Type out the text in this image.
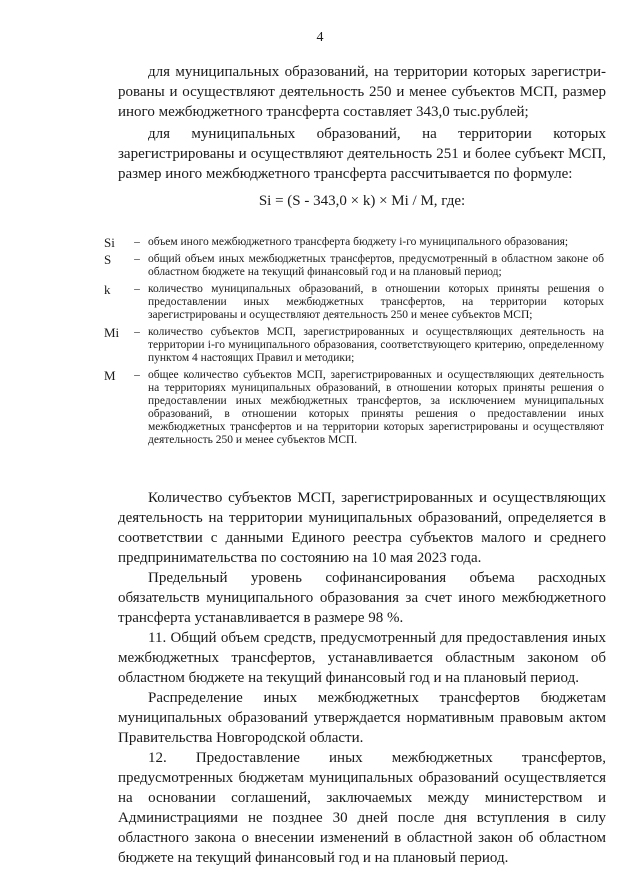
4
для муниципальных образований, на территории которых зарегистри-
рованы и осуществляют деятельность 250 и менее субъектов МСП, размер
иного межбюджетного трансферта составляет 343,0 тыс.рублей;
для муниципальных образований, на территории которых зарегистрированы и осуществляют деятельность 251 и более субъект МСП, размер иного межбюджетного трансферта рассчитывается по формуле:
Si = (S - 343,0 × k) × Mi / M, где:
Si	– объем иного межбюджетного трансферта бюджету i-го муниципального образования;
S	– общий объем иных межбюджетных трансфертов, предусмотренный в областном законе об областном бюджете на текущий финансовый год и на плановый период;
k	– количество муниципальных образований, в отношении которых приняты решения о предоставлении иных межбюджетных трансфертов, на территории которых зарегистрированы и осуществляют деятельность 250 и менее субъектов МСП;
Mi	– количество субъектов МСП, зарегистрированных и осуществляющих деятельность на территории i-го муниципального образования, соответствующего критерию, определенному пунктом 4 настоящих Правил и методики;
M	– общее количество субъектов МСП, зарегистрированных и осуществляющих деятельность на территориях муниципальных образований, в отношении которых приняты решения о предоставлении иных межбюджетных трансфертов, за исключением муниципальных образований, в отношении которых приняты решения о предоставлении иных межбюджетных трансфертов и на территории которых зарегистрированы и осуществляют деятельность 250 и менее субъектов МСП.
Количество субъектов МСП, зарегистрированных и осуществляющих деятельность на территории муниципальных образований, определяется в соответствии с данными Единого реестра субъектов малого и среднего предпринимательства по состоянию на 10 мая 2023 года.
Предельный уровень софинансирования объема расходных обязательств муниципального образования за счет иного межбюджетного трансферта устанавливается в размере 98 %.
11. Общий объем средств, предусмотренный для предоставления иных межбюджетных трансфертов, устанавливается областным законом об областном бюджете на текущий финансовый год и на плановый период.
Распределение иных межбюджетных трансфертов бюджетам муниципальных образований утверждается нормативным правовым актом Правительства Новгородской области.
12. Предоставление иных межбюджетных трансфертов, предусмотренных бюджетам муниципальных образований осуществляется на основании соглашений, заключаемых между министерством и Администрациями не позднее 30 дней после дня вступления в силу областного закона о внесении изменений в областной закон об областном бюджете на текущий финансовый год и на плановый период.
